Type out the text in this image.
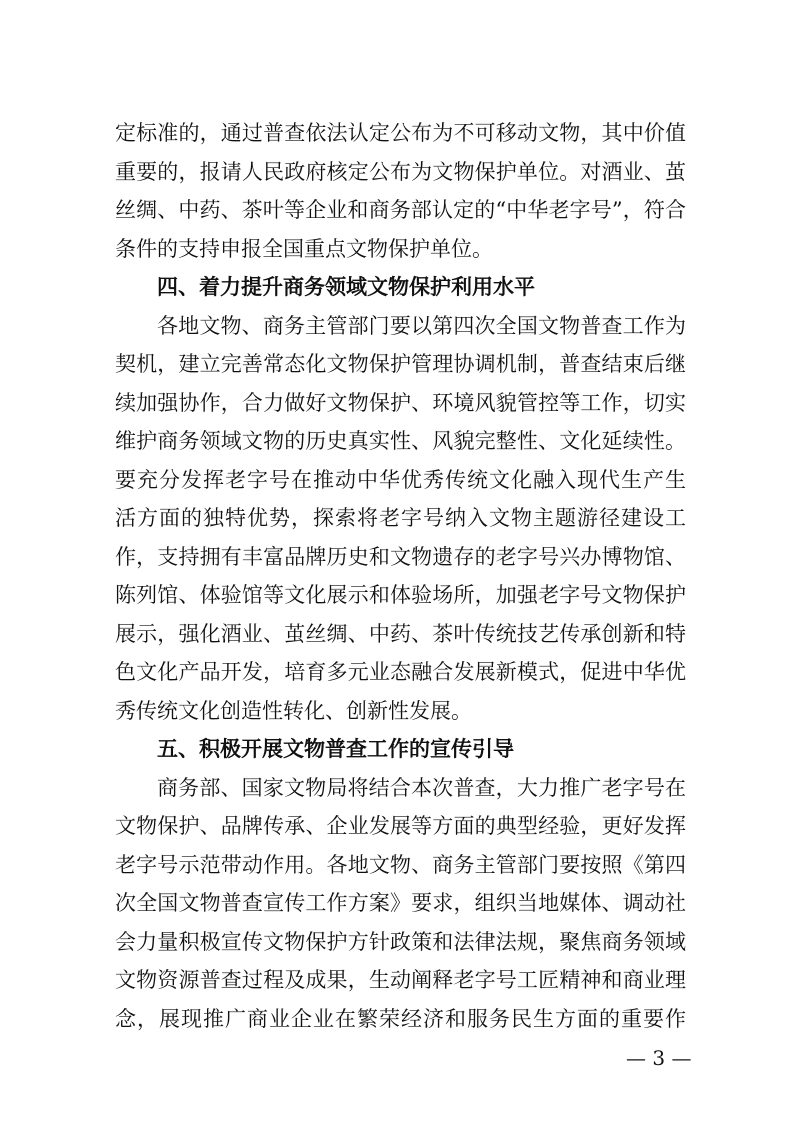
定标准的，通过普查依法认定公布为不可移动文物，其中价值
重要的，报请人民政府核定公布为文物保护单位。对酒业、茧
丝绸、中药、茶叶等企业和商务部认定的“中华老字号”，符合
条件的支持申报全国重点文物保护单位。
四、着力提升商务领域文物保护利用水平
各地文物、商务主管部门要以第四次全国文物普查工作为
契机，建立完善常态化文物保护管理协调机制，普查结束后继
续加强协作，合力做好文物保护、环境风貌管控等工作，切实
维护商务领域文物的历史真实性、风貌完整性、文化延续性。
要充分发挥老字号在推动中华优秀传统文化融入现代生产生
活方面的独特优势，探索将老字号纳入文物主题游径建设工
作，支持拥有丰富品牌历史和文物遗存的老字号兴办博物馆、
陈列馆、体验馆等文化展示和体验场所，加强老字号文物保护
展示，强化酒业、茧丝绸、中药、茶叶传统技艺传承创新和特
色文化产品开发，培育多元业态融合发展新模式，促进中华优
秀传统文化创造性转化、创新性发展。
五、积极开展文物普查工作的宣传引导
商务部、国家文物局将结合本次普查，大力推广老字号在
文物保护、品牌传承、企业发展等方面的典型经验，更好发挥
老字号示范带动作用。各地文物、商务主管部门要按照《第四
次全国文物普查宣传工作方案》要求，组织当地媒体、调动社
会力量积极宣传文物保护方针政策和法律法规，聚焦商务领域
文物资源普查过程及成果，生动阐释老字号工匠精神和商业理
念，展现推广商业企业在繁荣经济和服务民生方面的重要作
— 3 —
